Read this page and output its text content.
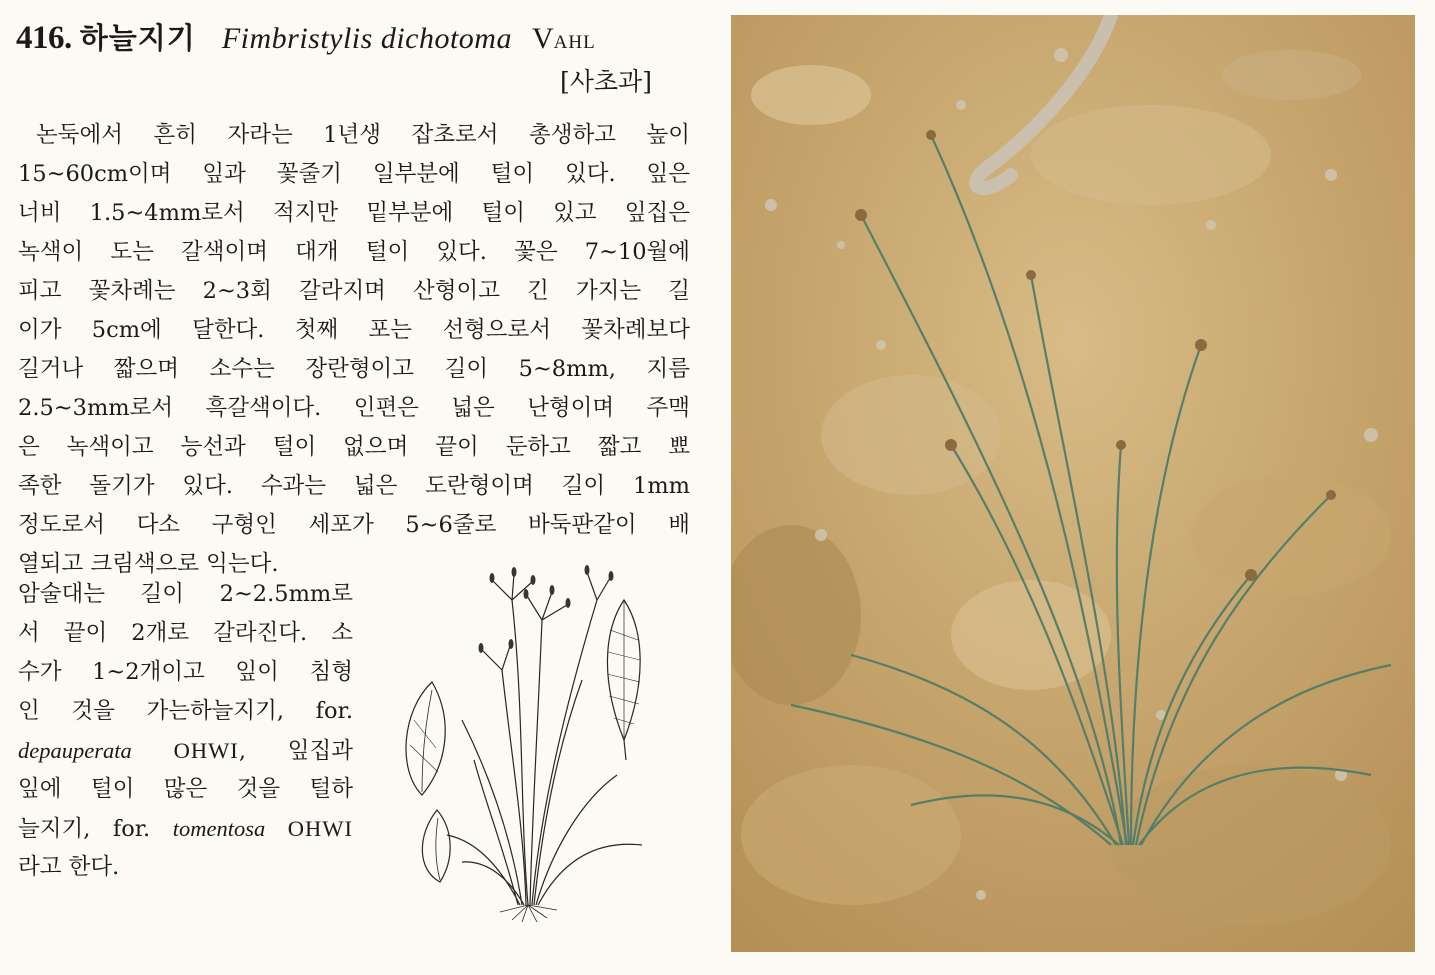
416. 하늘지기 Fimbristylis dichotoma VAHL
[사초과]
논둑에서 흔히 자라는 1년생 잡초로서 총생하고 높이
15~60cm이며 잎과 꽃줄기 일부분에 털이 있다. 잎은
너비 1.5~4mm로서 적지만 밑부분에 털이 있고 잎집은
녹색이 도는 갈색이며 대개 털이 있다. 꽃은 7~10월에
피고 꽃차례는 2~3회 갈라지며 산형이고 긴 가지는 길
이가 5cm에 달한다. 첫째 포는 선형으로서 꽃차례보다
길거나 짧으며 소수는 장란형이고 길이 5~8mm, 지름
2.5~3mm로서 흑갈색이다. 인편은 넓은 난형이며 주맥
은 녹색이고 능선과 털이 없으며 끝이 둔하고 짧고 뾰
족한 돌기가 있다. 수과는 넓은 도란형이며 길이 1mm
정도로서 다소 구형인 세포가 5~6줄로 바둑판같이 배
열되고 크림색으로 익는다.
암술대는 길이 2~2.5mm로
서 끝이 2개로 갈라진다. 소
수가 1~2개이고 잎이 침형
인 것을 가는하늘지기, for.
depauperata OHWI, 잎집과
잎에 털이 많은 것을 털하
늘지기, for. tomentosa OHWI
라고 한다.
